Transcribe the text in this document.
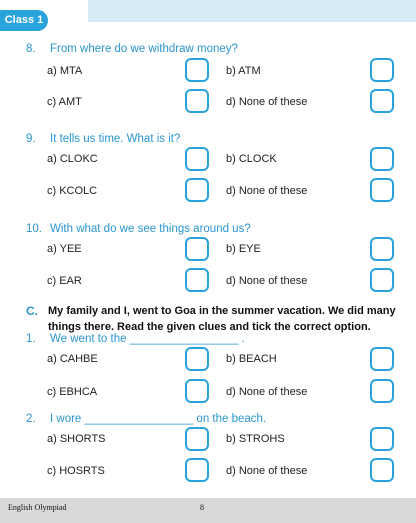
Class 1
8. From where do we withdraw money?
a) MTA	b) ATM
c) AMT	d) None of these
9. It tells us time. What is it?
a) CLOKC	b) CLOCK
c) KCOLC	d) None of these
10. With what do we see things around us?
a) YEE	b) EYE
c) EAR	d) None of these
C. My family and I, went to Goa in the summer vacation. We did many things there. Read the given clues and tick the correct option.
1. We went to the _________________ .
a) CAHBE	b) BEACH
c) EBHCA	d) None of these
2. I wore _________________ on the beach.
a) SHORTS	b) STROHS
c) HOSRTS	d) None of these
English Olympiad	8
